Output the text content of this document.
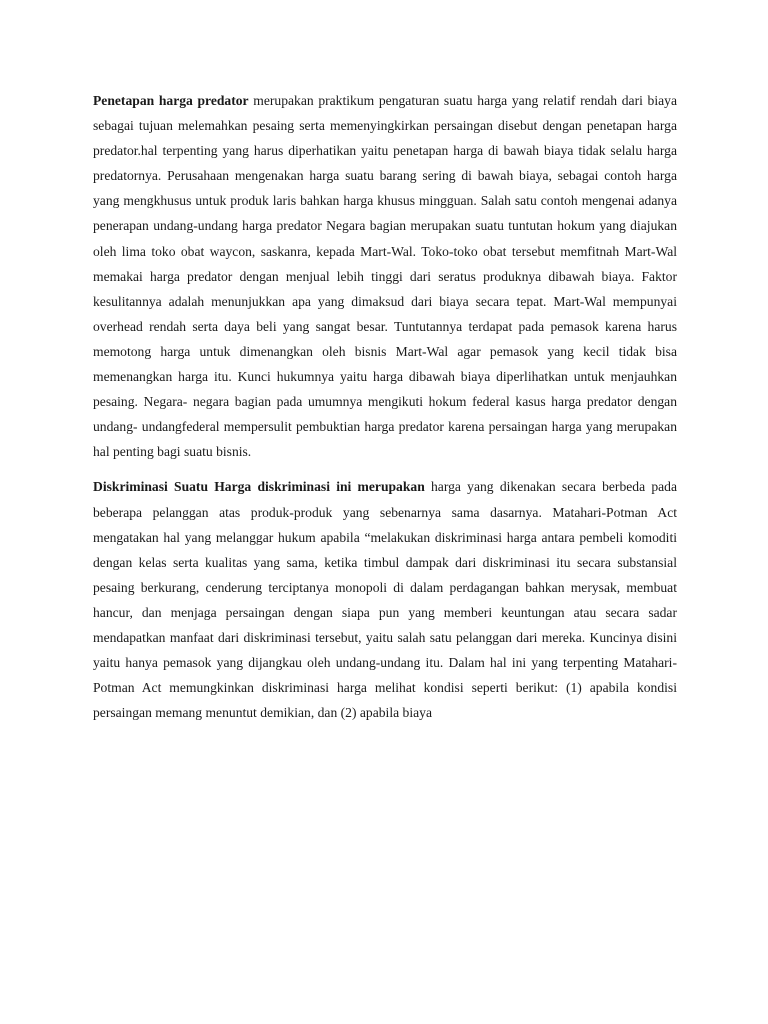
Penetapan harga predator merupakan praktikum pengaturan suatu harga yang relatif rendah dari biaya sebagai tujuan melemahkan pesaing serta memenyingkirkan persaingan disebut dengan penetapan harga predator.hal terpenting yang harus diperhatikan yaitu penetapan harga di bawah biaya tidak selalu harga predatornya. Perusahaan mengenakan harga suatu barang sering di bawah biaya, sebagai contoh harga yang mengkhusus untuk produk laris bahkan harga khusus mingguan. Salah satu contoh mengenai adanya penerapan undang-undang harga predator Negara bagian merupakan suatu tuntutan hokum yang diajukan oleh lima toko obat waycon, saskanra, kepada Mart-Wal. Toko-toko obat tersebut memfitnah Mart-Wal memakai harga predator dengan menjual lebih tinggi dari seratus produknya dibawah biaya. Faktor kesulitannya adalah menunjukkan apa yang dimaksud dari biaya secara tepat. Mart-Wal mempunyai overhead rendah serta daya beli yang sangat besar. Tuntutannya terdapat pada pemasok karena harus memotong harga untuk dimenangkan oleh bisnis Mart-Wal agar pemasok yang kecil tidak bisa memenangkan harga itu. Kunci hukumnya yaitu harga dibawah biaya diperlihatkan untuk menjauhkan pesaing. Negara- negara bagian pada umumnya mengikuti hokum federal kasus harga predator dengan undang- undangfederal mempersulit pembuktian harga predator karena persaingan harga yang merupakan hal penting bagi suatu bisnis.

Diskriminasi Suatu Harga diskriminasi ini merupakan harga yang dikenakan secara berbeda pada beberapa pelanggan atas produk-produk yang sebenarnya sama dasarnya. Matahari-Potman Act mengatakan hal yang melanggar hukum apabila “melakukan diskriminasi harga antara pembeli komoditi dengan kelas serta kualitas yang sama, ketika timbul dampak dari diskriminasi itu secara substansial pesaing berkurang, cenderung terciptanya monopoli di dalam perdagangan bahkan merysak, membuat hancur, dan menjaga persaingan dengan siapa pun yang memberi keuntungan atau secara sadar mendapatkan manfaat dari diskriminasi tersebut, yaitu salah satu pelanggan dari mereka. Kuncinya disini yaitu hanya pemasok yang dijangkau oleh undang-undang itu. Dalam hal ini yang terpenting Matahari-Potman Act memungkinkan diskriminasi harga melihat kondisi seperti berikut: (1) apabila kondisi persaingan memang menuntut demikian, dan (2) apabila biaya
